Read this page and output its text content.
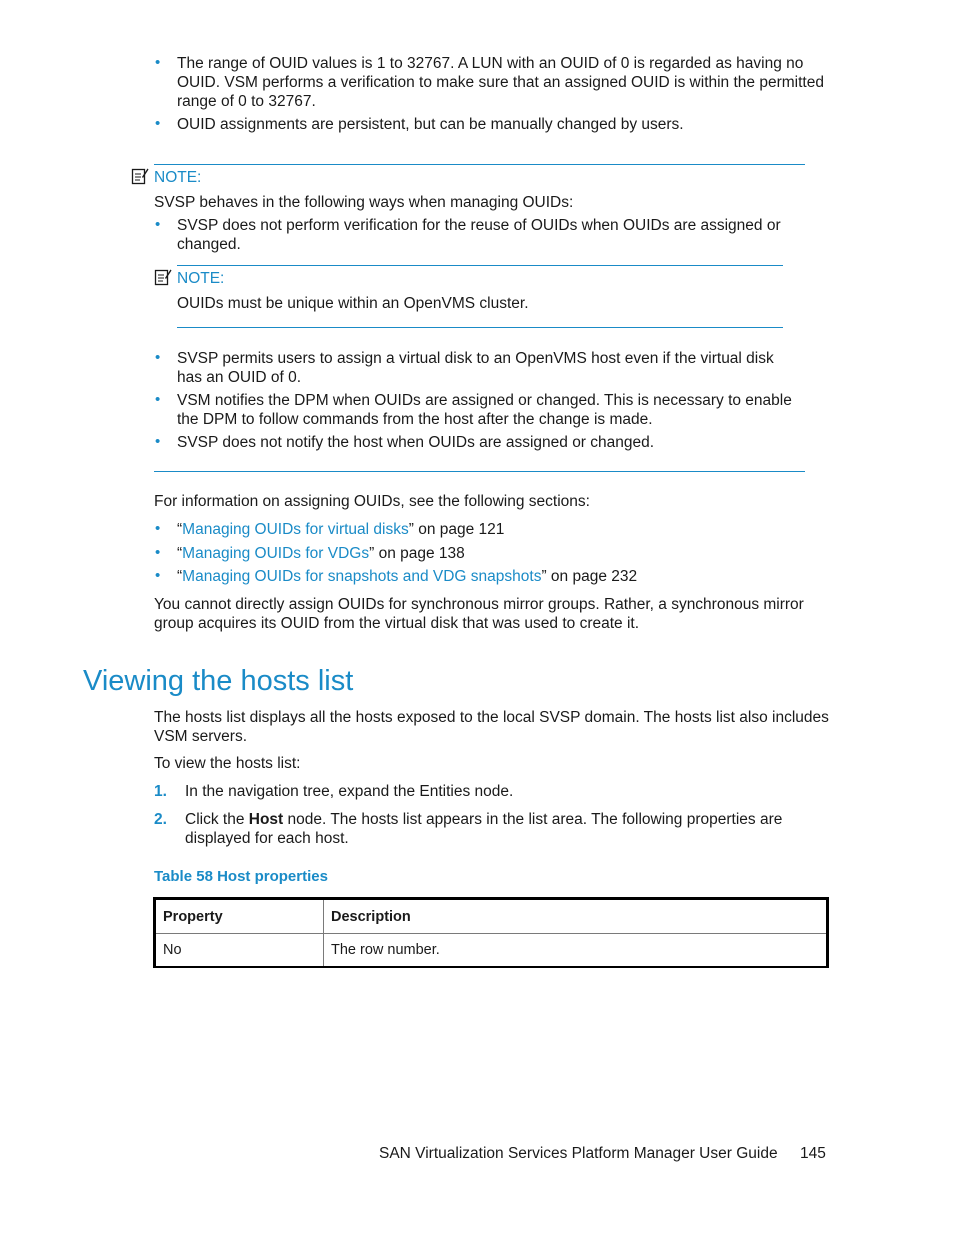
• The range of OUID values is 1 to 32767. A LUN with an OUID of 0 is regarded as having no OUID. VSM performs a verification to make sure that an assigned OUID is within the permitted range of 0 to 32767.
• OUID assignments are persistent, but can be manually changed by users.
NOTE:
SVSP behaves in the following ways when managing OUIDs:
• SVSP does not perform verification for the reuse of OUIDs when OUIDs are assigned or changed.
NOTE:
OUIDs must be unique within an OpenVMS cluster.
• SVSP permits users to assign a virtual disk to an OpenVMS host even if the virtual disk has an OUID of 0.
• VSM notifies the DPM when OUIDs are assigned or changed. This is necessary to enable the DPM to follow commands from the host after the change is made.
• SVSP does not notify the host when OUIDs are assigned or changed.
For information on assigning OUIDs, see the following sections:
• “Managing OUIDs for virtual disks” on page 121
• “Managing OUIDs for VDGs” on page 138
• “Managing OUIDs for snapshots and VDG snapshots” on page 232
You cannot directly assign OUIDs for synchronous mirror groups. Rather, a synchronous mirror group acquires its OUID from the virtual disk that was used to create it.
Viewing the hosts list
The hosts list displays all the hosts exposed to the local SVSP domain. The hosts list also includes VSM servers.
To view the hosts list:
1. In the navigation tree, expand the Entities node.
2. Click the Host node. The hosts list appears in the list area. The following properties are displayed for each host.
Table 58 Host properties
Property	Description
No	The row number.
SAN Virtualization Services Platform Manager User Guide 145
